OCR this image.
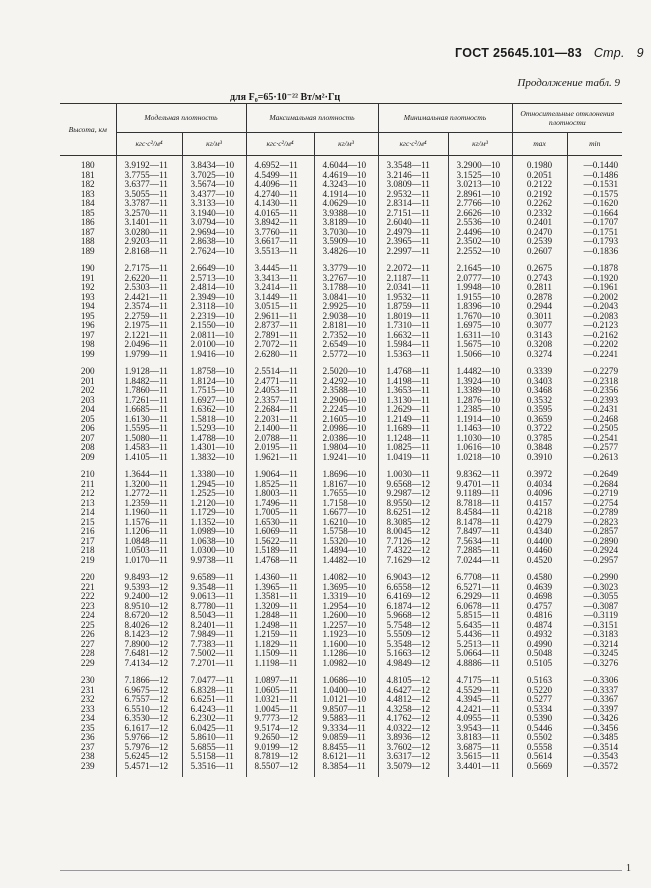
ГОСТ 25645.101—83 Стр. 9
Продолжение табл. 9
для F₀=65·10⁻²² Вт/м²·Гц
Высота, км	Модельная плотность		Максимальная плотность		Минимальная плотность		Относительные отклонения плотности	
	кгс·с²/м⁴	кг/м³	кгс·с²/м⁴	кг/м³	кгс·с²/м⁴	кг/м³	max	min

180	3.9192—11	3.8434—10	4.6952—11	4.6044—10	3.3548—11	3.2900—10	0.1980	—0.1440
181	3.7755—11	3.7025—10	4.5499—11	4.4619—10	3.2146—11	3.1525—10	0.2051	—0.1486
182	3.6377—11	3.5674—10	4.4096—11	4.3243—10	3.0809—11	3.0213—10	0.2122	—0.1531
183	3.5055—11	3.4377—10	4.2740—11	4.1914—10	2.9532—11	2.8961—10	0.2192	—0.1575
184	3.3787—11	3.3133—10	4.1430—11	4.0629—10	2.8314—11	2.7766—10	0.2262	—0.1620
185	3.2570—11	3.1940—10	4.0165—11	3.9388—10	2.7151—11	2.6626—10	0.2332	—0.1664
186	3.1401—11	3.0794—10	3.8942—11	3.8189—10	2.6040—11	2.5536—10	0.2401	—0.1707
187	3.0280—11	2.9694—10	3.7760—11	3.7030—10	2.4979—11	2.4496—10	0.2470	—0.1751
188	2.9203—11	2.8638—10	3.6617—11	3.5909—10	2.3965—11	2.3502—10	0.2539	—0.1793
189	2.8168—11	2.7624—10	3.5513—11	3.4826—10	2.2997—11	2.2552—10	0.2607	—0.1836

190	2.7175—11	2.6649—10	3.4445—11	3.3779—10	2.2072—11	2.1645—10	0.2675	—0.1878
191	2.6220—11	2.5713—10	3.3413—11	3.2767—10	2.1187—11	2.0777—10	0.2743	—0.1920
192	2.5303—11	2.4814—10	3.2414—11	3.1788—10	2.0341—11	1.9948—10	0.2811	—0.1961
193	2.4421—11	2.3949—10	3.1449—11	3.0841—10	1.9532—11	1.9155—10	0.2878	—0.2002
194	2.3574—11	2.3118—10	3.0515—11	2.9925—10	1.8759—11	1.8396—10	0.2944	—0.2043
195	2.2759—11	2.2319—10	2.9611—11	2.9038—10	1.8019—11	1.7670—10	0.3011	—0.2083
196	2.1975—11	2.1550—10	2.8737—11	2.8181—10	1.7310—11	1.6975—10	0.3077	—0.2123
197	2.1221—11	2.0811—10	2.7891—11	2.7352—10	1.6632—11	1.6311—10	0.3143	—0.2162
198	2.0496—11	2.0100—10	2.7072—11	2.6549—10	1.5984—11	1.5675—10	0.3208	—0.2202
199	1.9799—11	1.9416—10	2.6280—11	2.5772—10	1.5363—11	1.5066—10	0.3274	—0.2241

200	1.9128—11	1.8758—10	2.5514—11	2.5020—10	1.4768—11	1.4482—10	0.3339	—0.2279
201	1.8482—11	1.8124—10	2.4771—11	2.4292—10	1.4198—11	1.3924—10	0.3403	—0.2318
202	1.7860—11	1.7515—10	2.4053—11	2.3588—10	1.3653—11	1.3389—10	0.3468	—0.2356
203	1.7261—11	1.6927—10	2.3357—11	2.2906—10	1.3130—11	1.2876—10	0.3532	—0.2393
204	1.6685—11	1.6362—10	2.2684—11	2.2245—10	1.2629—11	1.2385—10	0.3595	—0.2431
205	1.6130—11	1.5818—10	2.2031—11	2.1605—10	1.2149—11	1.1914—10	0.3659	—0.2468
206	1.5595—11	1.5293—10	2.1400—11	2.0986—10	1.1689—11	1.1463—10	0.3722	—0.2505
207	1.5080—11	1.4788—10	2.0788—11	2.0386—10	1.1248—11	1.1030—10	0.3785	—0.2541
208	1.4583—11	1.4301—10	2.0195—11	1.9804—10	1.0825—11	1.0616—10	0.3848	—0.2577
209	1.4105—11	1.3832—10	1.9621—11	1.9241—10	1.0419—11	1.0218—10	0.3910	—0.2613

210	1.3644—11	1.3380—10	1.9064—11	1.8696—10	1.0030—11	9.8362—11	0.3972	—0.2649
211	1.3200—11	1.2945—10	1.8525—11	1.8167—10	9.6568—12	9.4701—11	0.4034	—0.2684
212	1.2772—11	1.2525—10	1.8003—11	1.7655—10	9.2987—12	9.1189—11	0.4096	—0.2719
213	1.2359—11	1.2120—10	1.7496—11	1.7158—10	8.9550—12	8.7818—11	0.4157	—0.2754
214	1.1960—11	1.1729—10	1.7005—11	1.6677—10	8.6251—12	8.4584—11	0.4218	—0.2789
215	1.1576—11	1.1352—10	1.6530—11	1.6210—10	8.3085—12	8.1478—11	0.4279	—0.2823
216	1.1206—11	1.0989—10	1.6069—11	1.5758—10	8.0045—12	7.8497—11	0.4340	—0.2857
217	1.0848—11	1.0638—10	1.5622—11	1.5320—10	7.7126—12	7.5634—11	0.4400	—0.2890
218	1.0503—11	1.0300—10	1.5189—11	1.4894—10	7.4322—12	7.2885—11	0.4460	—0.2924
219	1.0170—11	9.9738—11	1.4768—11	1.4482—10	7.1629—12	7.0244—11	0.4520	—0.2957

220	9.8493—12	9.6589—11	1.4360—11	1.4082—10	6.9043—12	6.7708—11	0.4580	—0.2990
221	9.5393—12	9.3548—11	1.3965—11	1.3695—10	6.6558—12	6.5271—11	0.4639	—0.3023
222	9.2400—12	9.0613—11	1.3581—11	1.3319—10	6.4169—12	6.2929—11	0.4698	—0.3055
223	8.9510—12	8.7780—11	1.3209—11	1.2954—10	6.1874—12	6.0678—11	0.4757	—0.3087
224	8.6720—12	8.5043—11	1.2848—11	1.2600—10	5.9668—12	5.8515—11	0.4816	—0.3119
225	8.4026—12	8.2401—11	1.2498—11	1.2257—10	5.7548—12	5.6435—11	0.4874	—0.3151
226	8.1423—12	7.9849—11	1.2159—11	1.1923—10	5.5509—12	5.4436—11	0.4932	—0.3183
227	7.8900—12	7.7383—11	1.1829—11	1.1600—10	5.3548—12	5.2513—11	0.4990	—0.3214
228	7.6481—12	7.5002—11	1.1509—11	1.1286—10	5.1663—12	5.0664—11	0.5048	—0.3245
229	7.4134—12	7.2701—11	1.1198—11	1.0982—10	4.9849—12	4.8886—11	0.5105	—0.3276

230	7.1866—12	7.0477—11	1.0897—11	1.0686—10	4.8105—12	4.7175—11	0.5163	—0.3306
231	6.9675—12	6.8328—11	1.0605—11	1.0400—10	4.6427—12	4.5529—11	0.5220	—0.3337
232	6.7557—12	6.6251—11	1.0321—11	1.0121—10	4.4812—12	4.3945—11	0.5277	—0.3367
233	6.5510—12	6.4243—11	1.0045—11	9.8507—11	4.3258—12	4.2421—11	0.5334	—0.3397
234	6.3530—12	6.2302—11	9.7773—12	9.5883—11	4.1762—12	4.0955—11	0.5390	—0.3426
235	6.1617—12	6.0425—11	9.5174—12	9.3334—11	4.0322—12	3.9543—11	0.5446	—0.3456
236	5.9766—12	5.8610—11	9.2650—12	9.0859—11	3.8936—12	3.8183—11	0.5502	—0.3485
237	5.7976—12	5.6855—11	9.0199—12	8.8455—11	3.7602—12	3.6875—11	0.5558	—0.3514
238	5.6245—12	5.5158—11	8.7819—12	8.6121—11	3.6317—12	3.5615—11	0.5614	—0.3543
239	5.4571—12	5.3516—11	8.5507—12	8.3854—11	3.5079—12	3.4401—11	0.5669	—0.3572

1
